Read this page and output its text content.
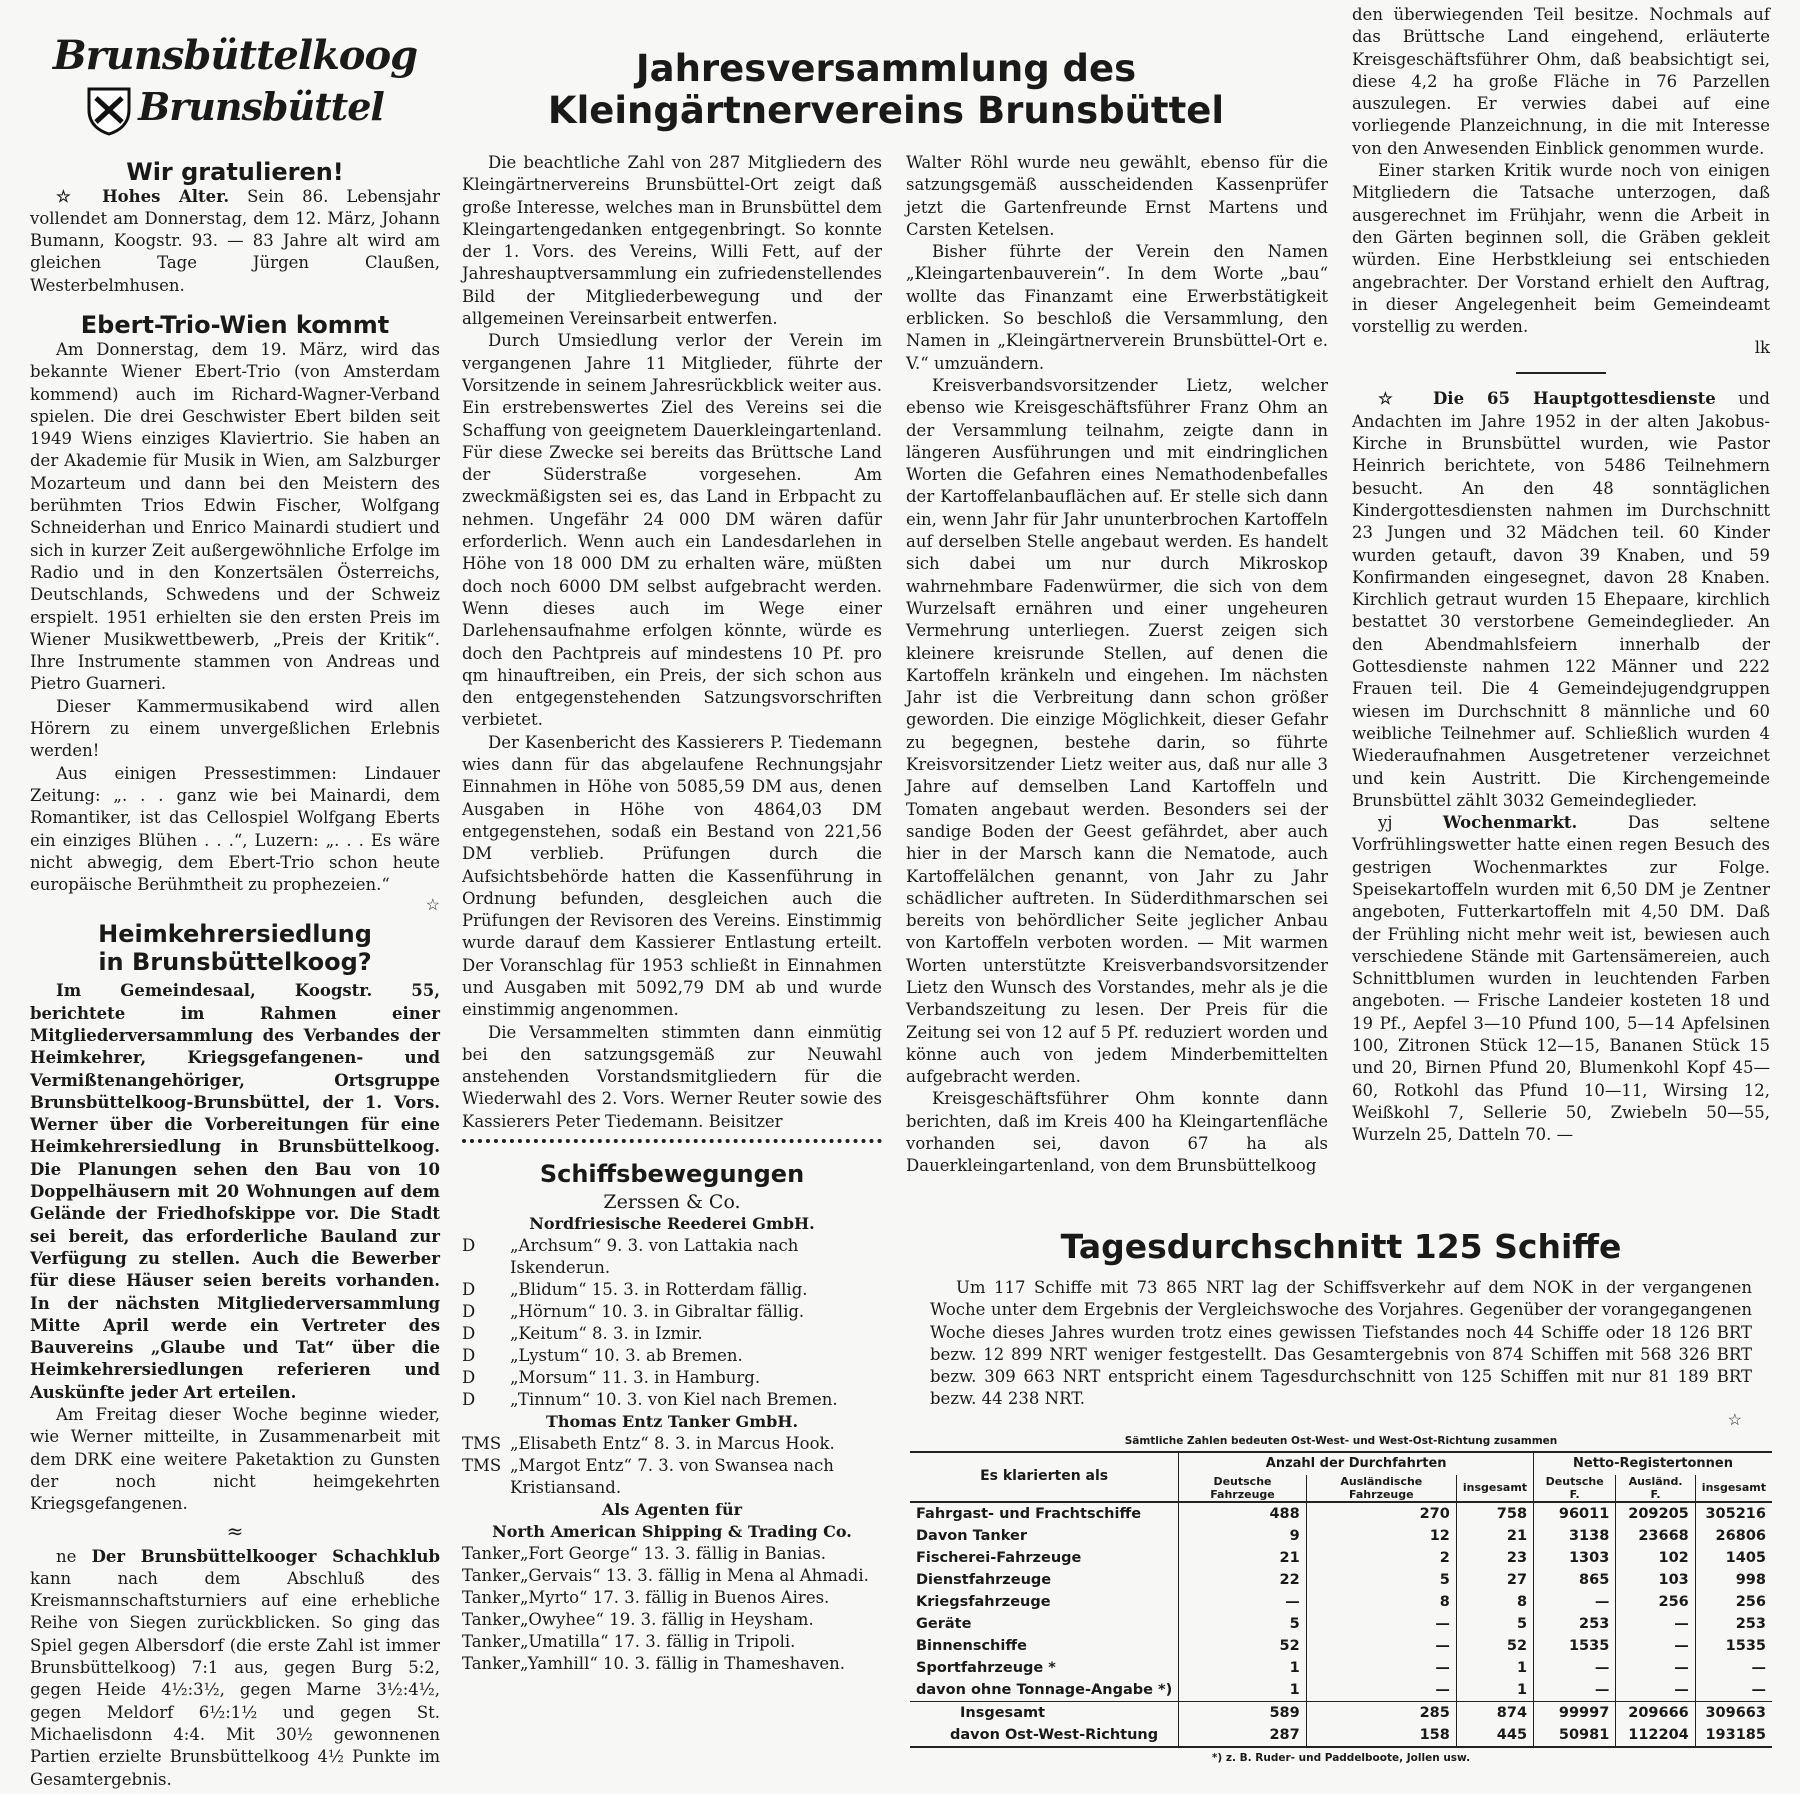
Brunsbüttelkoog
Brunsbüttel
Wir gratulieren!

☆ Hohes Alter. Sein 86. Lebensjahr vollendet am Donnerstag, dem 12. März, Johann Bumann, Koogstr. 93. — 83 Jahre alt wird am gleichen Tage Jürgen Claußen, Westerbelmhusen.

Ebert-Trio-Wien kommt

Am Donnerstag, dem 19. März, wird das bekannte Wiener Ebert-Trio (von Amsterdam kommend) auch im Richard-Wagner-Verband spielen. Die drei Geschwister Ebert bilden seit 1949 Wiens einziges Klaviertrio. Sie haben an der Akademie für Musik in Wien, am Salzburger Mozarteum und dann bei den Meistern des berühmten Trios Edwin Fischer, Wolfgang Schneiderhan und Enrico Mainardi studiert und sich in kurzer Zeit außergewöhnliche Erfolge im Radio und in den Konzertsälen Österreichs, Deutschlands, Schwedens und der Schweiz erspielt. 1951 erhielten sie den ersten Preis im Wiener Musikwettbewerb, „Preis der Kritik“. Ihre Instrumente stammen von Andreas und Pietro Guarneri.

Dieser Kammermusikabend wird allen Hörern zu einem unvergeßlichen Erlebnis werden!

Aus einigen Pressestimmen: Lindauer Zeitung: „. . . ganz wie bei Mainardi, dem Romantiker, ist das Cellospiel Wolfgang Eberts ein einziges Blühen . . .“, Luzern: „. . . Es wäre nicht abwegig, dem Ebert-Trio schon heute europäische Berühmtheit zu prophezeien.“

☆
Heimkehrersiedlung
in Brunsbüttelkoog?

Im Gemeindesaal, Koogstr. 55, berichtete im Rahmen einer Mitgliederversammlung des Verbandes der Heimkehrer, Kriegsgefangenen- und Vermißtenangehöriger, Ortsgruppe Brunsbüttelkoog-Brunsbüttel, der 1. Vors. Werner über die Vorbereitungen für eine Heimkehrersiedlung in Brunsbüttelkoog. Die Planungen sehen den Bau von 10 Doppelhäusern mit 20 Wohnungen auf dem Gelände der Friedhofskippe vor. Die Stadt sei bereit, das erforderliche Bauland zur Verfügung zu stellen. Auch die Bewerber für diese Häuser seien bereits vorhanden. In der nächsten Mitgliederversammlung Mitte April werde ein Vertreter des Bauvereins „Glaube und Tat“ über die Heimkehrersiedlungen referieren und Auskünfte jeder Art erteilen.

Am Freitag dieser Woche beginne wieder, wie Werner mitteilte, in Zusammenarbeit mit dem DRK eine weitere Paketaktion zu Gunsten der noch nicht heimgekehrten Kriegsgefangenen.

≈

ne Der Brunsbüttelkooger Schachklub kann nach dem Abschluß des Kreismannschaftsturniers auf eine erhebliche Reihe von Siegen zurückblicken. So ging das Spiel gegen Albersdorf (die erste Zahl ist immer Brunsbüttelkoog) 7:1 aus, gegen Burg 5:2, gegen Heide 4½:3½, gegen Marne 3½:4½, gegen Meldorf 6½:1½ und gegen St. Michaelisdonn 4:4. Mit 30½ gewonnenen Partien erzielte Brunsbüttelkoog 4½ Punkte im Gesamtergebnis.

Jahresversammlung des
Kleingärtnervereins Brunsbüttel

Die beachtliche Zahl von 287 Mitgliedern des Kleingärtnervereins Brunsbüttel-Ort zeigt daß große Interesse, welches man in Brunsbüttel dem Kleingartengedanken entgegenbringt. So konnte der 1. Vors. des Vereins, Willi Fett, auf der Jahreshauptversammlung ein zufriedenstellendes Bild der Mitgliederbewegung und der allgemeinen Vereinsarbeit entwerfen.

Durch Umsiedlung verlor der Verein im vergangenen Jahre 11 Mitglieder, führte der Vorsitzende in seinem Jahresrückblick weiter aus. Ein erstrebenswertes Ziel des Vereins sei die Schaffung von geeignetem Dauerkleingartenland. Für diese Zwecke sei bereits das Brüttsche Land der Süderstraße vorgesehen. Am zweckmäßigsten sei es, das Land in Erbpacht zu nehmen. Ungefähr 24 000 DM wären dafür erforderlich. Wenn auch ein Landesdarlehen in Höhe von 18 000 DM zu erhalten wäre, müßten doch noch 6000 DM selbst aufgebracht werden. Wenn dieses auch im Wege einer Darlehensaufnahme erfolgen könnte, würde es doch den Pachtpreis auf mindestens 10 Pf. pro qm hinauftreiben, ein Preis, der sich schon aus den entgegenstehenden Satzungsvorschriften verbietet.

Der Kasenbericht des Kassierers P. Tiedemann wies dann für das abgelaufene Rechnungsjahr Einnahmen in Höhe von 5085,59 DM aus, denen Ausgaben in Höhe von 4864,03 DM entgegenstehen, sodaß ein Bestand von 221,56 DM verblieb. Prüfungen durch die Aufsichtsbehörde hatten die Kassenführung in Ordnung befunden, desgleichen auch die Prüfungen der Revisoren des Vereins. Einstimmig wurde darauf dem Kassierer Entlastung erteilt. Der Voranschlag für 1953 schließt in Einnahmen und Ausgaben mit 5092,79 DM ab und wurde einstimmig angenommen.

Die Versammelten stimmten dann einmütig bei den satzungsgemäß zur Neuwahl anstehenden Vorstandsmitgliedern für die Wiederwahl des 2. Vors. Werner Reuter sowie des Kassierers Peter Tiedemann. Beisitzer

Schiffsbewegungen
Zerssen & Co.
Nordfriesische Reederei GmbH.
D „Archsum“ 9. 3. von Lattakia nach Iskenderun.
D „Blidum“ 15. 3. in Rotterdam fällig.
D „Hörnum“ 10. 3. in Gibraltar fällig.
D „Keitum“ 8. 3. in Izmir.
D „Lystum“ 10. 3. ab Bremen.
D „Morsum“ 11. 3. in Hamburg.
D „Tinnum“ 10. 3. von Kiel nach Bremen.
Thomas Entz Tanker GmbH.
TMS „Elisabeth Entz“ 8. 3. in Marcus Hook.
TMS „Margot Entz“ 7. 3. von Swansea nach Kristiansand.
Als Agenten für
North American Shipping & Trading Co.
Tanker„Fort George“ 13. 3. fällig in Banias.
Tanker„Gervais“ 13. 3. fällig in Mena al Ahmadi.
Tanker„Myrto“ 17. 3. fällig in Buenos Aires.
Tanker„Owyhee“ 19. 3. fällig in Heysham.
Tanker„Umatilla“ 17. 3. fällig in Tripoli.
Tanker„Yamhill“ 10. 3. fällig in Thameshaven.

Walter Röhl wurde neu gewählt, ebenso für die satzungsgemäß ausscheidenden Kassenprüfer jetzt die Gartenfreunde Ernst Martens und Carsten Ketelsen.

Bisher führte der Verein den Namen „Kleingartenbauverein“. In dem Worte „bau“ wollte das Finanzamt eine Erwerbstätigkeit erblicken. So beschloß die Versammlung, den Namen in „Kleingärtnerverein Brunsbüttel-Ort e. V.“ umzuändern.

Kreisverbandsvorsitzender Lietz, welcher ebenso wie Kreisgeschäftsführer Franz Ohm an der Versammlung teilnahm, zeigte dann in längeren Ausführungen und mit eindringlichen Worten die Gefahren eines Nemathodenbefalles der Kartoffelanbauflächen auf. Er stelle sich dann ein, wenn Jahr für Jahr ununterbrochen Kartoffeln auf derselben Stelle angebaut werden. Es handelt sich dabei um nur durch Mikroskop wahrnehmbare Fadenwürmer, die sich von dem Wurzelsaft ernähren und einer ungeheuren Vermehrung unterliegen. Zuerst zeigen sich kleinere kreisrunde Stellen, auf denen die Kartoffeln kränkeln und eingehen. Im nächsten Jahr ist die Verbreitung dann schon größer geworden. Die einzige Möglichkeit, dieser Gefahr zu begegnen, bestehe darin, so führte Kreisvorsitzender Lietz weiter aus, daß nur alle 3 Jahre auf demselben Land Kartoffeln und Tomaten angebaut werden. Besonders sei der sandige Boden der Geest gefährdet, aber auch hier in der Marsch kann die Nematode, auch Kartoffelälchen genannt, von Jahr zu Jahr schädlicher auftreten. In Süderdithmarschen sei bereits von behördlicher Seite jeglicher Anbau von Kartoffeln verboten worden. — Mit warmen Worten unterstützte Kreisverbandsvorsitzender Lietz den Wunsch des Vorstandes, mehr als je die Verbandszeitung zu lesen. Der Preis für die Zeitung sei von 12 auf 5 Pf. reduziert worden und könne auch von jedem Minderbemittelten aufgebracht werden.

Kreisgeschäftsführer Ohm konnte dann berichten, daß im Kreis 400 ha Kleingartenfläche vorhanden sei, davon 67 ha als Dauerkleingartenland, von dem Brunsbüttelkoog

den überwiegenden Teil besitze. Nochmals auf das Brüttsche Land eingehend, erläuterte Kreisgeschäftsführer Ohm, daß beabsichtigt sei, diese 4,2 ha große Fläche in 76 Parzellen auszulegen. Er verwies dabei auf eine vorliegende Planzeichnung, in die mit Interesse von den Anwesenden Einblick genommen wurde.

Einer starken Kritik wurde noch von einigen Mitgliedern die Tatsache unterzogen, daß ausgerechnet im Frühjahr, wenn die Arbeit in den Gärten beginnen soll, die Gräben gekleit würden. Eine Herbstkleiung sei entschieden angebrachter. Der Vorstand erhielt den Auftrag, in dieser Angelegenheit beim Gemeindeamt vorstellig zu werden.

lk

☆ Die 65 Hauptgottesdienste und Andachten im Jahre 1952 in der alten Jakobus-Kirche in Brunsbüttel wurden, wie Pastor Heinrich berichtete, von 5486 Teilnehmern besucht. An den 48 sonntäglichen Kindergottesdiensten nahmen im Durchschnitt 23 Jungen und 32 Mädchen teil. 60 Kinder wurden getauft, davon 39 Knaben, und 59 Konfirmanden eingesegnet, davon 28 Knaben. Kirchlich getraut wurden 15 Ehepaare, kirchlich bestattet 30 verstorbene Gemeindeglieder. An den Abendmahlsfeiern innerhalb der Gottesdienste nahmen 122 Männer und 222 Frauen teil. Die 4 Gemeindejugendgruppen wiesen im Durchschnitt 8 männliche und 60 weibliche Teilnehmer auf. Schließlich wurden 4 Wiederaufnahmen Ausgetretener verzeichnet und kein Austritt. Die Kirchengemeinde Brunsbüttel zählt 3032 Gemeindeglieder.

yj Wochenmarkt. Das seltene Vorfrühlingswetter hatte einen regen Besuch des gestrigen Wochenmarktes zur Folge. Speisekartoffeln wurden mit 6,50 DM je Zentner angeboten, Futterkartoffeln mit 4,50 DM. Daß der Frühling nicht mehr weit ist, bewiesen auch verschiedene Stände mit Gartensämereien, auch Schnittblumen wurden in leuchtenden Farben angeboten. — Frische Landeier kosteten 18 und 19 Pf., Aepfel 3—10 Pfund 100, 5—14 Apfelsinen 100, Zitronen Stück 12—15, Bananen Stück 15 und 20, Birnen Pfund 20, Blumenkohl Kopf 45—60, Rotkohl das Pfund 10—11, Wirsing 12, Weißkohl 7, Sellerie 50, Zwiebeln 50—55, Wurzeln 25, Datteln 70. —

Tagesdurchschnitt 125 Schiffe

Um 117 Schiffe mit 73 865 NRT lag der Schiffsverkehr auf dem NOK in der vergangenen Woche unter dem Ergebnis der Vergleichswoche des Vorjahres. Gegenüber der vorangegangenen Woche dieses Jahres wurden trotz eines gewissen Tiefstandes noch 44 Schiffe oder 18 126 BRT bezw. 12 899 NRT weniger festgestellt. Das Gesamtergebnis von 874 Schiffen mit 568 326 BRT bezw. 309 663 NRT entspricht einem Tagesdurchschnitt von 125 Schiffen mit nur 81 189 BRT bezw. 44 238 NRT.

☆
Sämtliche Zahlen bedeuten Ost-West- und West-Ost-Richtung zusammen
Es klarierten als	Anzahl der Durchfahrten			Netto-Registertonnen		
	Deutsche Fahrzeuge	Ausländische Fahrzeuge	insgesamt	Deutsche F.	Ausländ. F.	insgesamt
Fahrgast- und Frachtschiffe	488	270	758	96011	209205	305216
Davon Tanker	9	12	21	3138	23668	26806
Fischerei-Fahrzeuge	21	2	23	1303	102	1405
Dienstfahrzeuge	22	5	27	865	103	998
Kriegsfahrzeuge	—	8	8	—	256	256
Geräte	5	—	5	253	—	253
Binnenschiffe	52	—	52	1535	—	1535
Sportfahrzeuge *	1	—	1	—	—	—
davon ohne Tonnage-Angabe *)	1	—	1	—	—	—
Insgesamt	589	285	874	99997	209666	309663
davon Ost-West-Richtung	287	158	445	50981	112204	193185
*) z. B. Ruder- und Paddelboote, Jollen usw.
